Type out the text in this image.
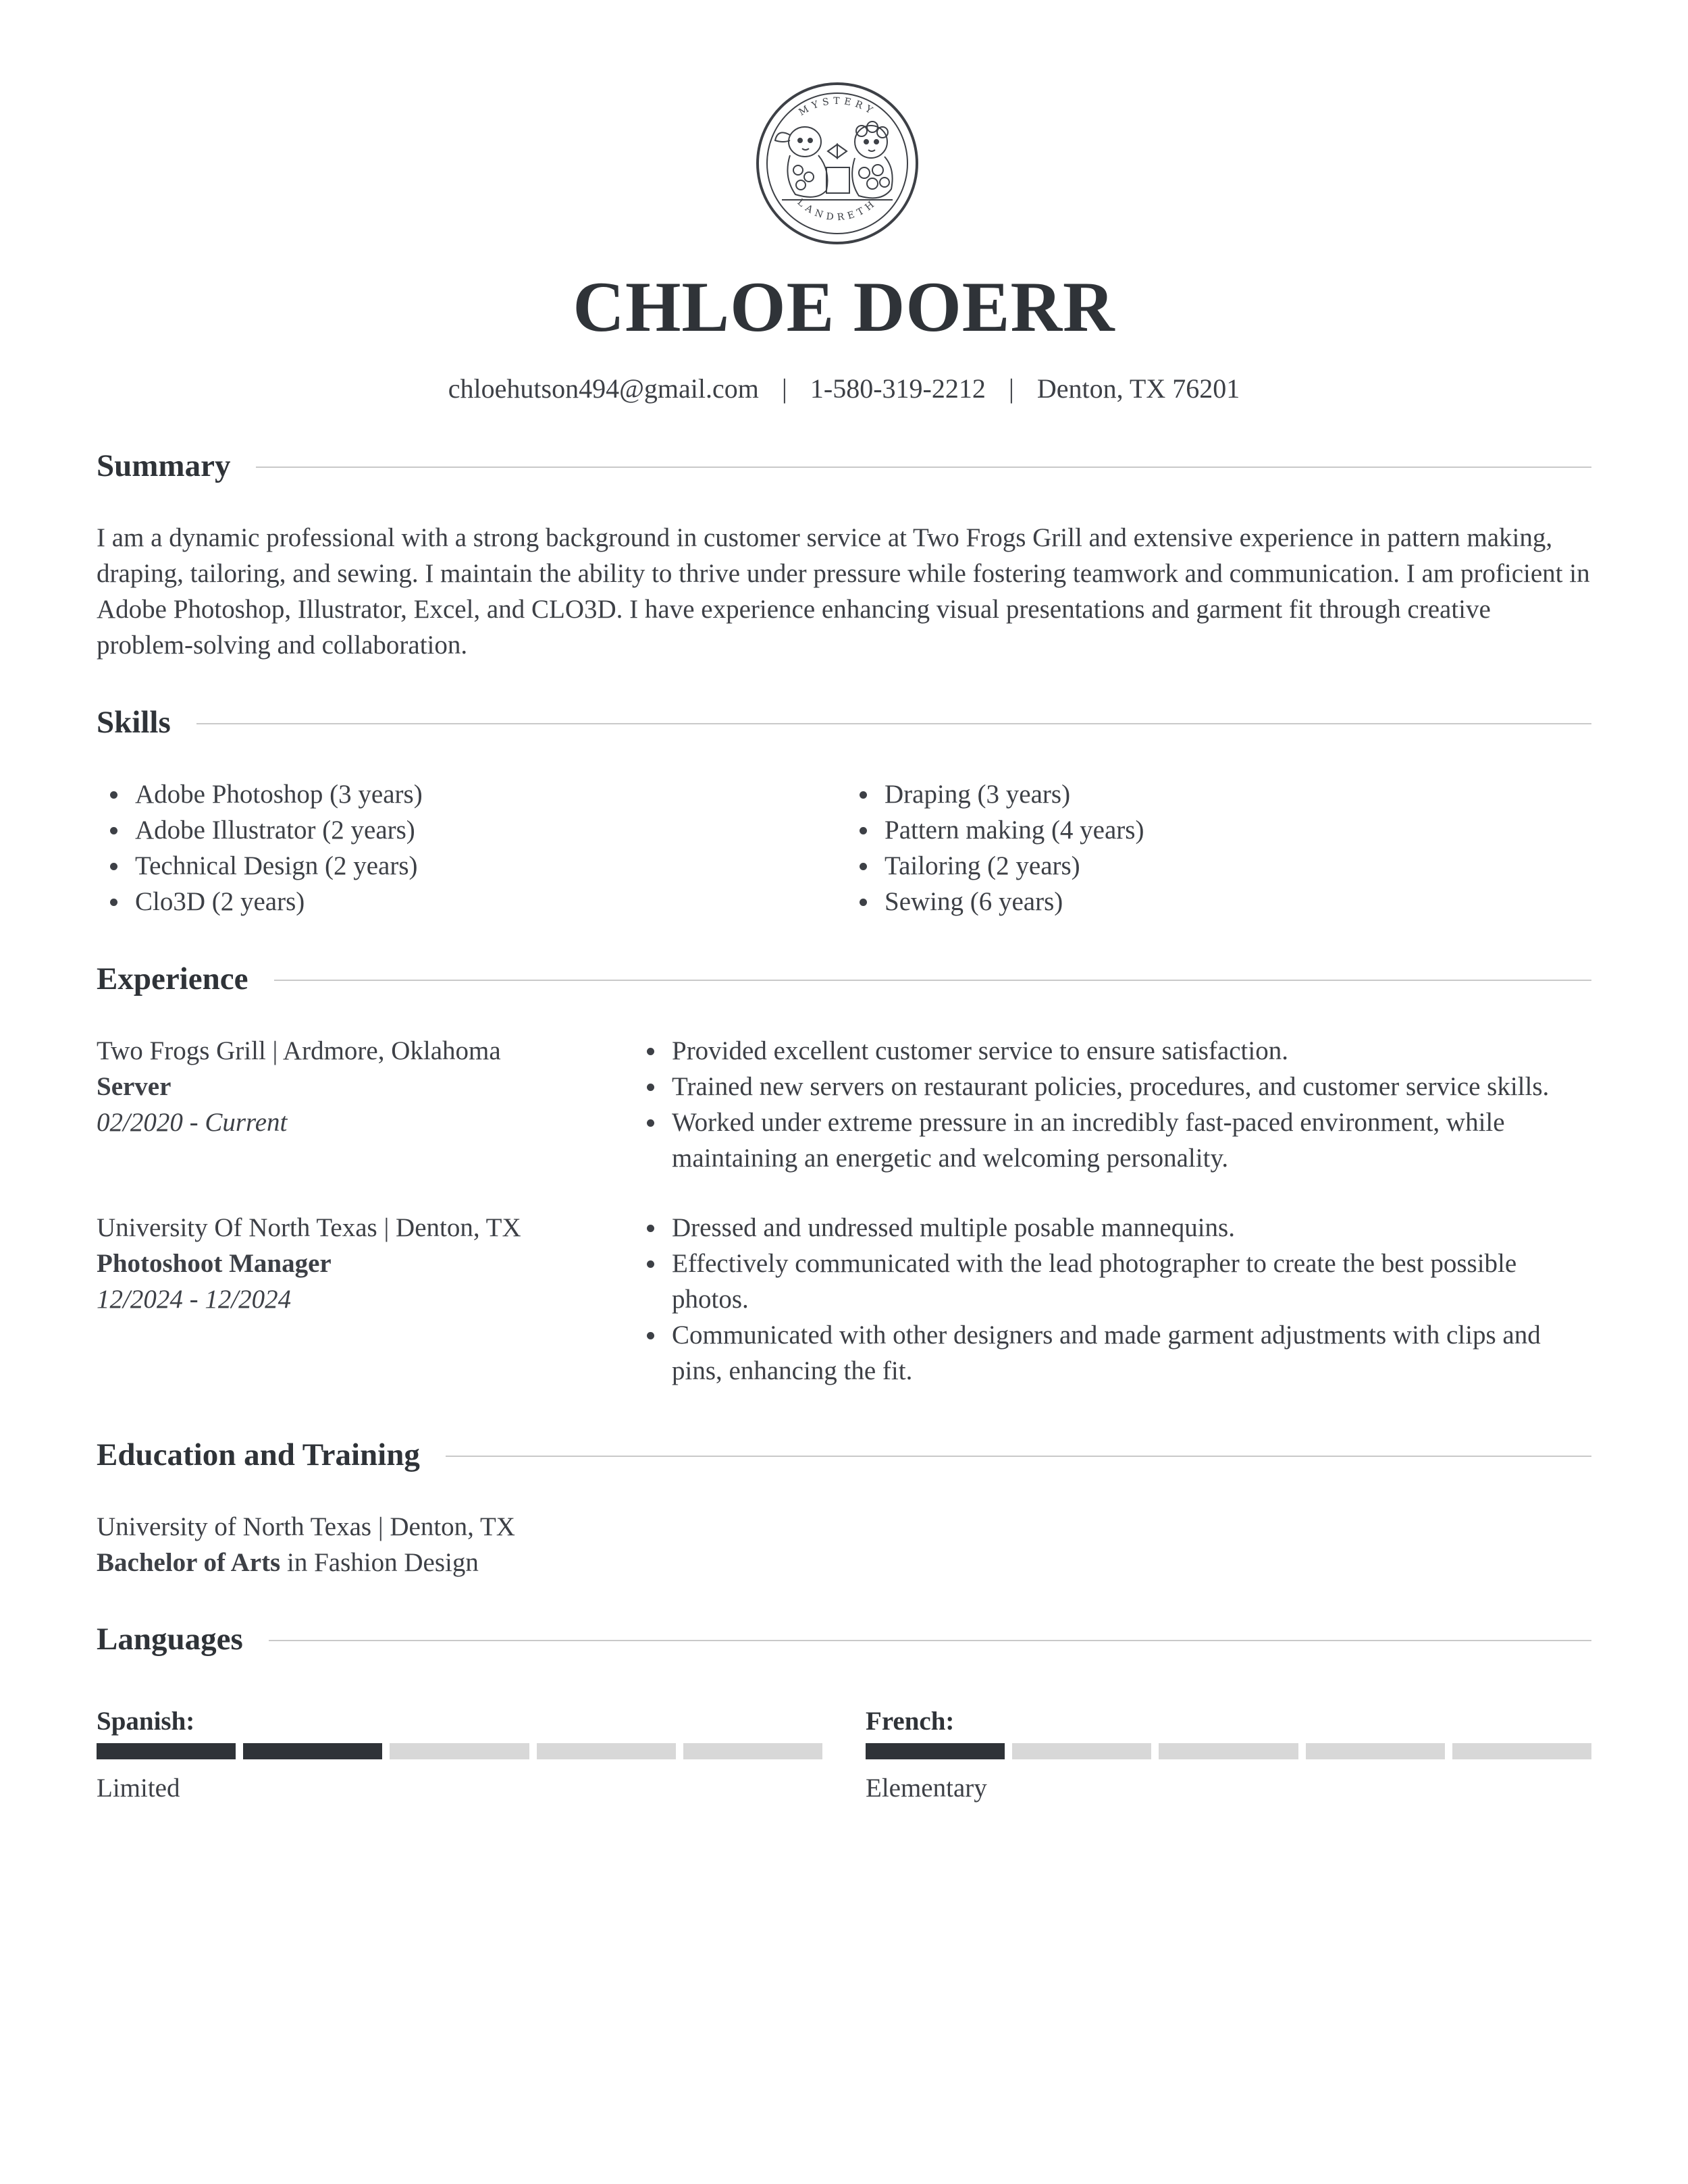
MYSTERY
LANDRETH
CHLOE DOERR
chloehutson494@gmail.com | 1-580-319-2212 | Denton, TX 76201
Summary
I am a dynamic professional with a strong background in customer service at Two Frogs Grill and extensive experience in pattern making, draping, tailoring, and sewing. I maintain the ability to thrive under pressure while fostering teamwork and communication. I am proficient in Adobe Photoshop, Illustrator, Excel, and CLO3D. I have experience enhancing visual presentations and garment fit through creative problem-solving and collaboration.
Skills
Adobe Photoshop (3 years)
Adobe Illustrator (2 years)
Technical Design (2 years)
Clo3D (2 years)
Draping (3 years)
Pattern making (4 years)
Tailoring (2 years)
Sewing (6 years)
Experience
Two Frogs Grill | Ardmore, Oklahoma
Server
02/2020 - Current
Provided excellent customer service to ensure satisfaction.
Trained new servers on restaurant policies, procedures, and customer service skills.
Worked under extreme pressure in an incredibly fast-paced environment, while maintaining an energetic and welcoming personality.
University Of North Texas | Denton, TX
Photoshoot Manager
12/2024 - 12/2024
Dressed and undressed multiple posable mannequins.
Effectively communicated with the lead photographer to create the best possible photos.
Communicated with other designers and made garment adjustments with clips and pins, enhancing the fit.
Education and Training
University of North Texas | Denton, TX
Bachelor of Arts in Fashion Design
Languages
Spanish:
Limited
French:
Elementary
